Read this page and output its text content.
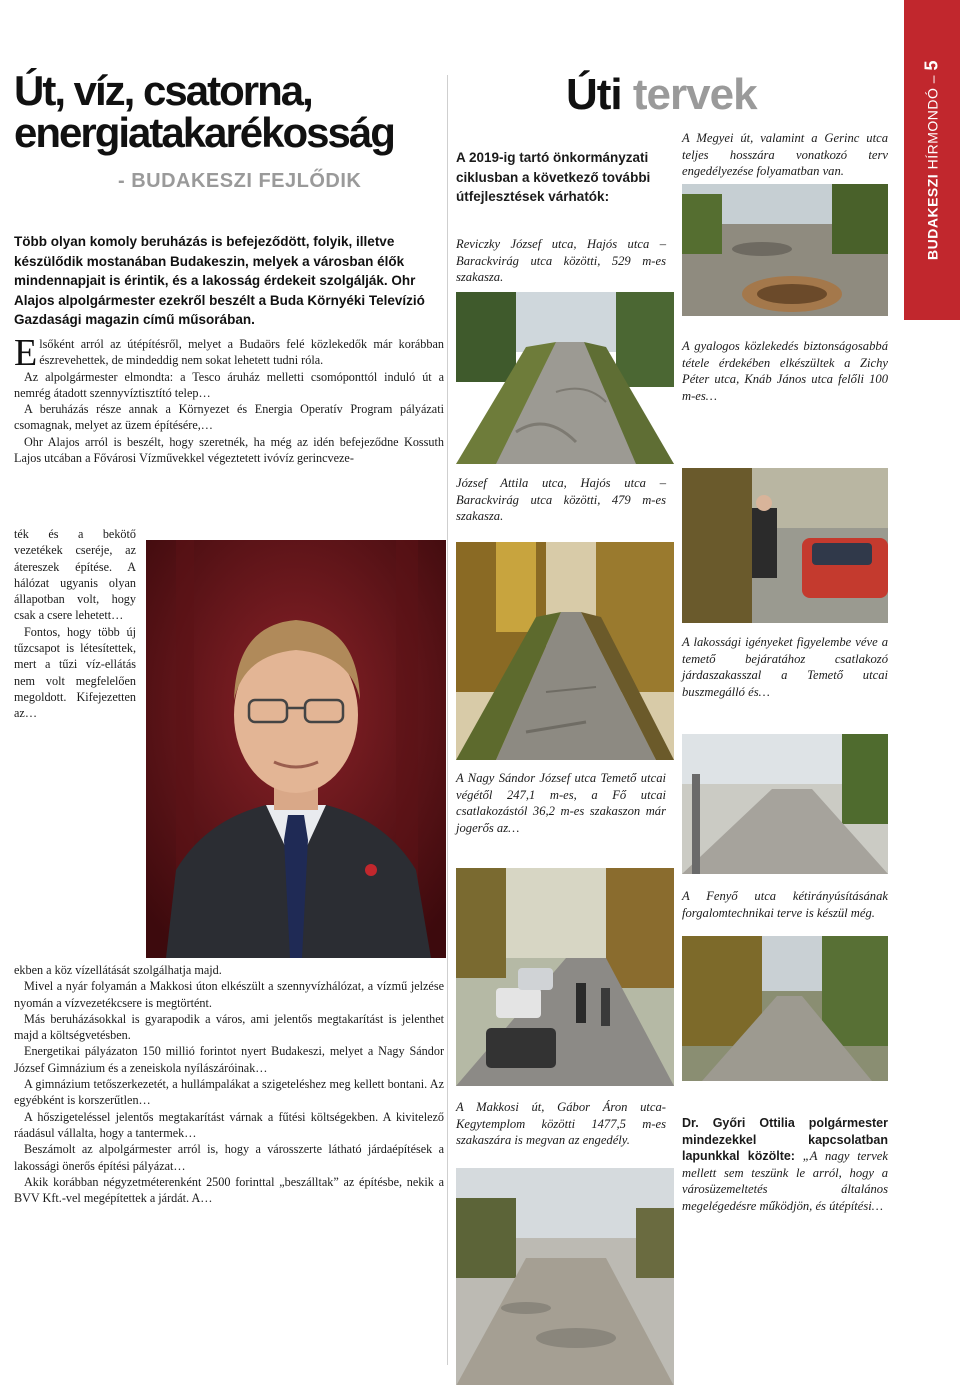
Út, víz, csatorna,
energiatakarékosság
- BUDAKESZI FEJLŐDIK
Több olyan komoly beruházás is befejeződött, folyik, illetve készülődik mostanában Budakeszin, melyek a városban élők mindennapjait is érintik, és a lakosság érdekeit szolgálják. Ohr Alajos alpolgármester ezekről beszélt a Buda Környéki Televízió Gazdasági magazin című műsorában.

Elsőként arról az útépítésről, melyet a Budaörs felé közlekedők már korábban észrevehettek, de mindeddig nem sokat lehetett tudni róla.

Az alpolgármester elmondta: a Tesco áruház melletti csomóponttól induló út a nemrég átadott szennyvíztisztító telep…

A beruházás része annak a Környezet és Energia Operatív Program pályázati csomagnak, melyet az üzem építésére,…

Ohr Alajos arról is beszélt, hogy szeretnék, ha még az idén befejeződne Kossuth Lajos utcában a Fővárosi Vízművekkel végeztetett ivóvíz gerincveze-

ték és a bekötő vezetékek cseréje, az átereszek építése. A hálózat ugyanis olyan állapotban volt, hogy csak a csere lehetett…

Fontos, hogy több új tűzcsapot is létesítettek, mert a tűzi víz-ellátás nem volt megfelelően megoldott. Kifejezetten az…

ekben a köz vízellátását szolgálhatja majd.

Mivel a nyár folyamán a Makkosi úton elkészült a szennyvízhálózat, a vízmű jelzése nyomán a vízvezetékcsere is megtörtént.

Más beruházásokkal is gyarapodik a város, ami jelentős megtakarítást is jelenthet majd a költségvetésben.

Energetikai pályázaton 150 millió forintot nyert Budakeszi, melyet a Nagy Sándor József Gimnázium és a zeneiskola nyílászáróinak…

A gimnázium tetőszerkezetét, a hullámpalákat a szigeteléshez meg kellett bontani. Az egyébként is korszerűtlen…

A hőszigeteléssel jelentős megtakarítást várnak a fűtési költségekben. A kivitelező ráadásul vállalta, hogy a tantermek…

Beszámolt az alpolgármester arról is, hogy a városszerte látható járdaépítések a lakossági önerős építési pályázat…

Akik korábban négyzetméterenként 2500 forinttal „beszálltak” az építésbe, nekik a BVV Kft.-vel megépítettek a járdát. A…

Úti tervek
A 2019-ig tartó önkormányzati ciklusban a következő további útfejlesztések várhatók:
Reviczky József utca, Hajós utca – Barackvirág utca közötti, 529 m-es szakasza.
József Attila utca, Hajós utca – Barackvirág utca közötti, 479 m-es szakasza.
A Nagy Sándor József utca Temető utcai végétől 247,1 m-es, a Fő utcai csatlakozástól 36,2 m-es szakaszon már jogerős az…
A Makkosi út, Gábor Áron utca-Kegytemplom közötti 1477,5 m-es szakaszára is megvan az engedély.
A Megyei út, valamint a Gerinc utca teljes hosszára vonatkozó terv engedélyezése folyamatban van.
A gyalogos közlekedés biztonságosabbá tétele érdekében elkészültek a Zichy Péter utca, Knáb János utca felőli 100 m-es…
A lakossági igényeket figyelembe véve a temető bejáratához csatlakozó járdaszakasszal a Temető utcai buszmegálló és…
A Fenyő utca kétirányúsításának forgalomtechnikai terve is készül még.
Dr. Győri Ottilia polgármester mindezekkel kapcsolatban lapunkkal közölte: „A nagy tervek mellett sem teszünk le arról, hogy a városüzemeltetés általános megelégedésre működjön, és útépítési…
BUDAKESZI HÍRMONDÓ – 5
